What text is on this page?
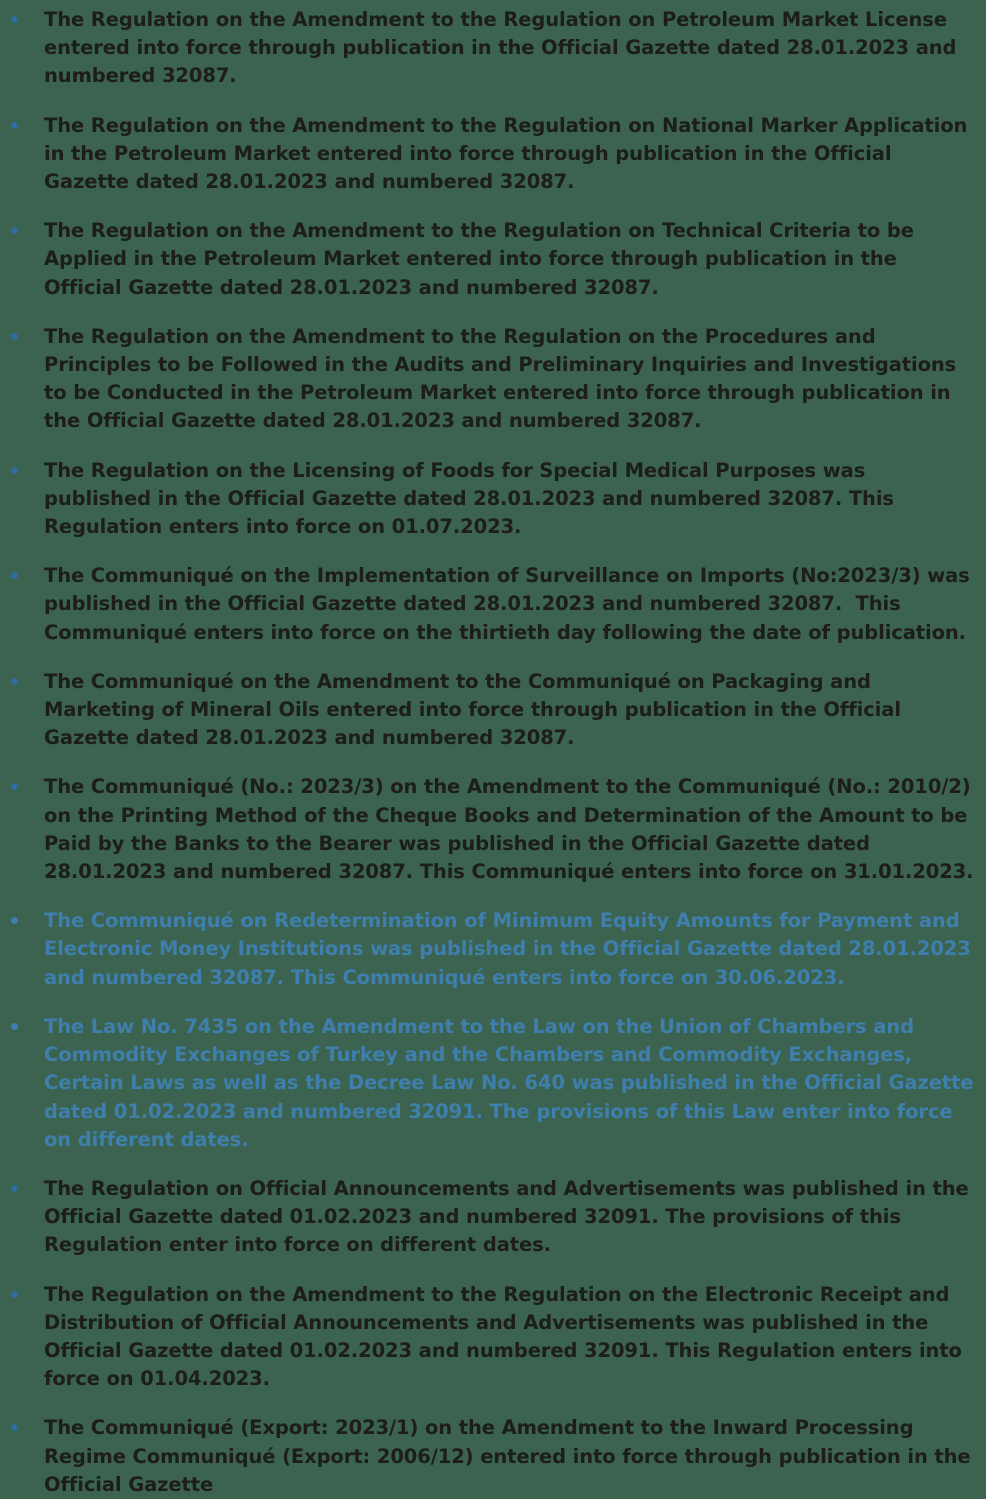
The Regulation on the Amendment to the Regulation on Petroleum Market License entered into force through publication in the Official Gazette dated 28.01.2023 and numbered 32087.
The Regulation on the Amendment to the Regulation on National Marker Application in the Petroleum Market entered into force through publication in the Official Gazette dated 28.01.2023 and numbered 32087.
The Regulation on the Amendment to the Regulation on Technical Criteria to be Applied in the Petroleum Market entered into force through publication in the Official Gazette dated 28.01.2023 and numbered 32087.
The Regulation on the Amendment to the Regulation on the Procedures and Principles to be Followed in the Audits and Preliminary Inquiries and Investigations to be Conducted in the Petroleum Market entered into force through publication in the Official Gazette dated 28.01.2023 and numbered 32087.
The Regulation on the Licensing of Foods for Special Medical Purposes was published in the Official Gazette dated 28.01.2023 and numbered 32087. This Regulation enters into force on 01.07.2023.
The Communiqué on the Implementation of Surveillance on Imports (No:2023/3) was published in the Official Gazette dated 28.01.2023 and numbered 32087.  This Communiqué enters into force on the thirtieth day following the date of publication.
The Communiqué on the Amendment to the Communiqué on Packaging and Marketing of Mineral Oils entered into force through publication in the Official Gazette dated 28.01.2023 and numbered 32087.
The Communiqué (No.: 2023/3) on the Amendment to the Communiqué (No.: 2010/2) on the Printing Method of the Cheque Books and Determination of the Amount to be Paid by the Banks to the Bearer was published in the Official Gazette dated 28.01.2023 and numbered 32087. This Communiqué enters into force on 31.01.2023.
The Communiqué on Redetermination of Minimum Equity Amounts for Payment and Electronic Money Institutions was published in the Official Gazette dated 28.01.2023 and numbered 32087. This Communiqué enters into force on 30.06.2023.
The Law No. 7435 on the Amendment to the Law on the Union of Chambers and Commodity Exchanges of Turkey and the Chambers and Commodity Exchanges, Certain Laws as well as the Decree Law No. 640 was published in the Official Gazette dated 01.02.2023 and numbered 32091. The provisions of this Law enter into force on different dates.
The Regulation on Official Announcements and Advertisements was published in the Official Gazette dated 01.02.2023 and numbered 32091. The provisions of this Regulation enter into force on different dates.
The Regulation on the Amendment to the Regulation on the Electronic Receipt and Distribution of Official Announcements and Advertisements was published in the Official Gazette dated 01.02.2023 and numbered 32091. This Regulation enters into force on 01.04.2023.
The Communiqué (Export: 2023/1) on the Amendment to the Inward Processing Regime Communiqué (Export: 2006/12) entered into force through publication in the Official Gazette
